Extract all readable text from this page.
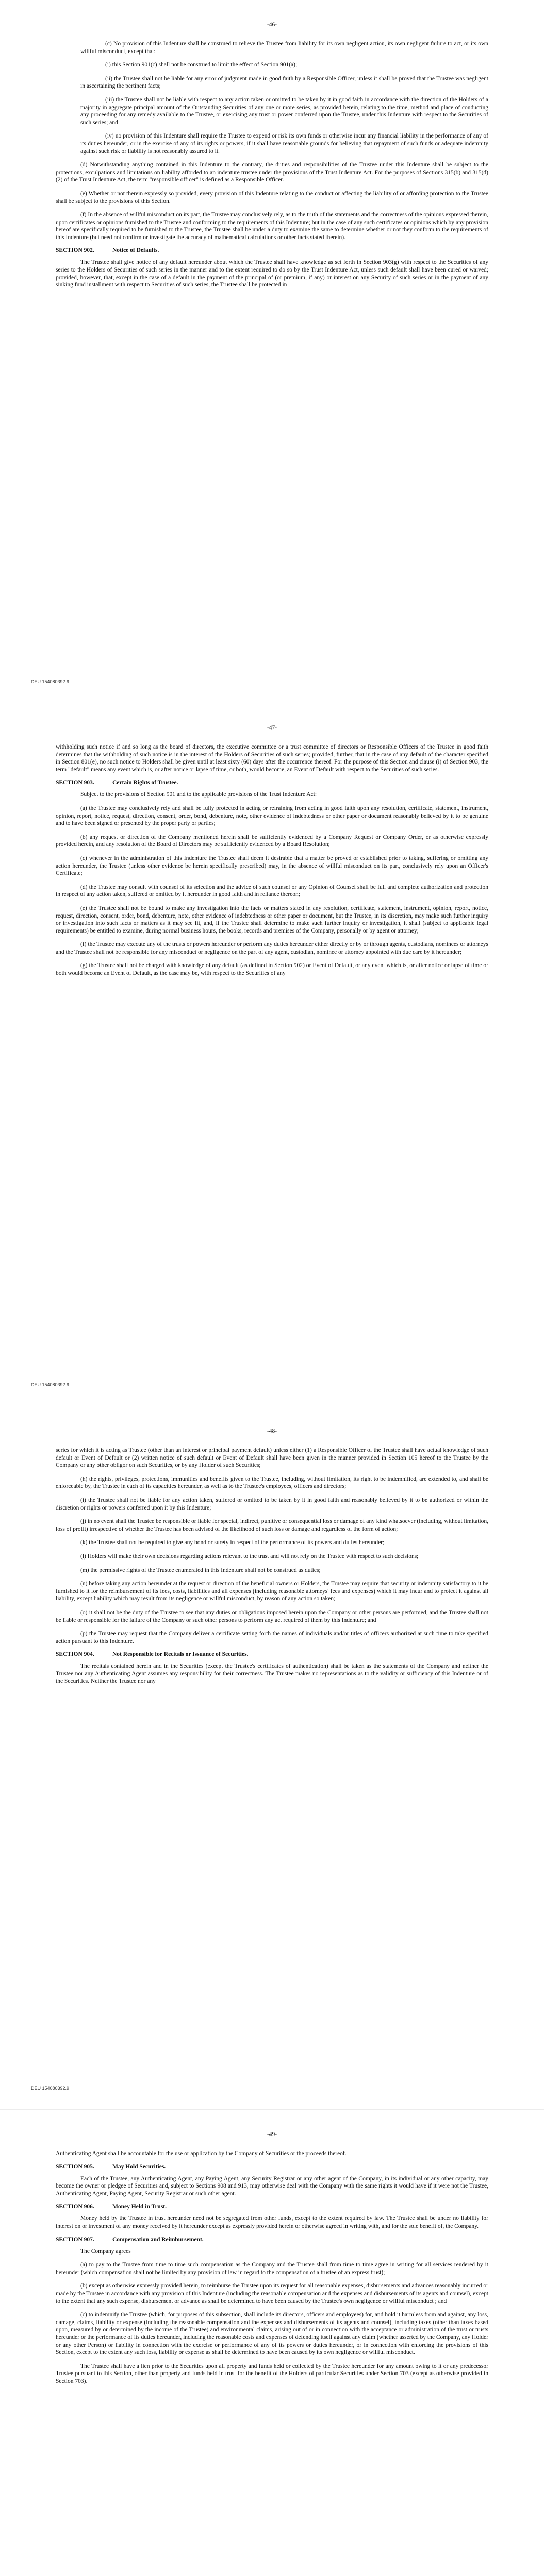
-46-

(c) No provision of this Indenture shall be construed to relieve the Trustee from liability for its own negligent action, its own negligent failure to act, or its own willful misconduct, except that:

(i) this Section 901(c) shall not be construed to limit the effect of Section 901(a);

(ii) the Trustee shall not be liable for any error of judgment made in good faith by a Responsible Officer, unless it shall be proved that the Trustee was negligent in ascertaining the pertinent facts;

(iii) the Trustee shall not be liable with respect to any action taken or omitted to be taken by it in good faith in accordance with the direction of the Holders of a majority in aggregate principal amount of the Outstanding Securities of any one or more series, as provided herein, relating to the time, method and place of conducting any proceeding for any remedy available to the Trustee, or exercising any trust or power conferred upon the Trustee, under this Indenture with respect to the Securities of such series; and

(iv) no provision of this Indenture shall require the Trustee to expend or risk its own funds or otherwise incur any financial liability in the performance of any of its duties hereunder, or in the exercise of any of its rights or powers, if it shall have reasonable grounds for believing that repayment of such funds or adequate indemnity against such risk or liability is not reasonably assured to it.

(d) Notwithstanding anything contained in this Indenture to the contrary, the duties and responsibilities of the Trustee under this Indenture shall be subject to the protections, exculpations and limitations on liability afforded to an indenture trustee under the provisions of the Trust Indenture Act. For the purposes of Sections 315(b) and 315(d)(2) of the Trust Indenture Act, the term "responsible officer" is defined as a Responsible Officer.

(e) Whether or not therein expressly so provided, every provision of this Indenture relating to the conduct or affecting the liability of or affording protection to the Trustee shall be subject to the provisions of this Section.

(f) In the absence of willful misconduct on its part, the Trustee may conclusively rely, as to the truth of the statements and the correctness of the opinions expressed therein, upon certificates or opinions furnished to the Trustee and conforming to the requirements of this Indenture; but in the case of any such certificates or opinions which by any provision hereof are specifically required to be furnished to the Trustee, the Trustee shall be under a duty to examine the same to determine whether or not they conform to the requirements of this Indenture (but need not confirm or investigate the accuracy of mathematical calculations or other facts stated therein).

SECTION 902.	Notice of Defaults.

The Trustee shall give notice of any default hereunder about which the Trustee shall have knowledge as set forth in Section 903(g) with respect to the Securities of any series to the Holders of Securities of such series in the manner and to the extent required to do so by the Trust Indenture Act, unless such default shall have been cured or waived; provided, however, that, except in the case of a default in the payment of the principal of (or premium, if any) or interest on any Security of such series or in the payment of any sinking fund installment with respect to Securities of such series, the Trustee shall be protected in

DEU 154080392.9
-47-

withholding such notice if and so long as the board of directors, the executive committee or a trust committee of directors or Responsible Officers of the Trustee in good faith determines that the withholding of such notice is in the interest of the Holders of Securities of such series; provided, further, that in the case of any default of the character specified in Section 801(e), no such notice to Holders shall be given until at least sixty (60) days after the occurrence thereof. For the purpose of this Section and clause (i) of Section 903, the term "default" means any event which is, or after notice or lapse of time, or both, would become, an Event of Default with respect to the Securities of such series.

SECTION 903.	Certain Rights of Trustee.

Subject to the provisions of Section 901 and to the applicable provisions of the Trust Indenture Act:

(a) the Trustee may conclusively rely and shall be fully protected in acting or refraining from acting in good faith upon any resolution, certificate, statement, instrument, opinion, report, notice, request, direction, consent, order, bond, debenture, note, other evidence of indebtedness or other paper or document reasonably believed by it to be genuine and to have been signed or presented by the proper party or parties;

(b) any request or direction of the Company mentioned herein shall be sufficiently evidenced by a Company Request or Company Order, or as otherwise expressly provided herein, and any resolution of the Board of Directors may be sufficiently evidenced by a Board Resolution;

(c) whenever in the administration of this Indenture the Trustee shall deem it desirable that a matter be proved or established prior to taking, suffering or omitting any action hereunder, the Trustee (unless other evidence be herein specifically prescribed) may, in the absence of willful misconduct on its part, conclusively rely upon an Officer's Certificate;

(d) the Trustee may consult with counsel of its selection and the advice of such counsel or any Opinion of Counsel shall be full and complete authorization and protection in respect of any action taken, suffered or omitted by it hereunder in good faith and in reliance thereon;

(e) the Trustee shall not be bound to make any investigation into the facts or matters stated in any resolution, certificate, statement, instrument, opinion, report, notice, request, direction, consent, order, bond, debenture, note, other evidence of indebtedness or other paper or document, but the Trustee, in its discretion, may make such further inquiry or investigation into such facts or matters as it may see fit, and, if the Trustee shall determine to make such further inquiry or investigation, it shall (subject to applicable legal requirements) be entitled to examine, during normal business hours, the books, records and premises of the Company, personally or by agent or attorney;

(f) the Trustee may execute any of the trusts or powers hereunder or perform any duties hereunder either directly or by or through agents, custodians, nominees or attorneys and the Trustee shall not be responsible for any misconduct or negligence on the part of any agent, custodian, nominee or attorney appointed with due care by it hereunder;

(g) the Trustee shall not be charged with knowledge of any default (as defined in Section 902) or Event of Default, or any event which is, or after notice or lapse of time or both would become an Event of Default, as the case may be, with respect to the Securities of any

DEU 154080392.9
-48-

series for which it is acting as Trustee (other than an interest or principal payment default) unless either (1) a Responsible Officer of the Trustee shall have actual knowledge of such default or Event of Default or (2) written notice of such default or Event of Default shall have been given in the manner provided in Section 105 hereof to the Trustee by the Company or any other obligor on such Securities, or by any Holder of such Securities;

(h) the rights, privileges, protections, immunities and benefits given to the Trustee, including, without limitation, its right to be indemnified, are extended to, and shall be enforceable by, the Trustee in each of its capacities hereunder, as well as to the Trustee's employees, officers and directors;

(i) the Trustee shall not be liable for any action taken, suffered or omitted to be taken by it in good faith and reasonably believed by it to be authorized or within the discretion or rights or powers conferred upon it by this Indenture;

(j) in no event shall the Trustee be responsible or liable for special, indirect, punitive or consequential loss or damage of any kind whatsoever (including, without limitation, loss of profit) irrespective of whether the Trustee has been advised of the likelihood of such loss or damage and regardless of the form of action;

(k) the Trustee shall not be required to give any bond or surety in respect of the performance of its powers and duties hereunder;

(l) Holders will make their own decisions regarding actions relevant to the trust and will not rely on the Trustee with respect to such decisions;

(m) the permissive rights of the Trustee enumerated in this Indenture shall not be construed as duties;

(n) before taking any action hereunder at the request or direction of the beneficial owners or Holders, the Trustee may require that security or indemnity satisfactory to it be furnished to it for the reimbursement of its fees, costs, liabilities and all expenses (including reasonable attorneys' fees and expenses) which it may incur and to protect it against all liability, except liability which may result from its negligence or willful misconduct, by reason of any action so taken;

(o) it shall not be the duty of the Trustee to see that any duties or obligations imposed herein upon the Company or other persons are performed, and the Trustee shall not be liable or responsible for the failure of the Company or such other persons to perform any act required of them by this Indenture; and

(p) the Trustee may request that the Company deliver a certificate setting forth the names of individuals and/or titles of officers authorized at such time to take specified action pursuant to this Indenture.

SECTION 904.	Not Responsible for Recitals or Issuance of Securities.

The recitals contained herein and in the Securities (except the Trustee's certificates of authentication) shall be taken as the statements of the Company and neither the Trustee nor any Authenticating Agent assumes any responsibility for their correctness. The Trustee makes no representations as to the validity or sufficiency of this Indenture or of the Securities. Neither the Trustee nor any

DEU 154080392.9
-49-

Authenticating Agent shall be accountable for the use or application by the Company of Securities or the proceeds thereof.

SECTION 905.	May Hold Securities.

Each of the Trustee, any Authenticating Agent, any Paying Agent, any Security Registrar or any other agent of the Company, in its individual or any other capacity, may become the owner or pledgee of Securities and, subject to Sections 908 and 913, may otherwise deal with the Company with the same rights it would have if it were not the Trustee, Authenticating Agent, Paying Agent, Security Registrar or such other agent.

SECTION 906.	Money Held in Trust.

Money held by the Trustee in trust hereunder need not be segregated from other funds, except to the extent required by law. The Trustee shall be under no liability for interest on or investment of any money received by it hereunder except as expressly provided herein or otherwise agreed in writing with, and for the sole benefit of, the Company.

SECTION 907.	Compensation and Reimbursement.

The Company agrees

(a) to pay to the Trustee from time to time such compensation as the Company and the Trustee shall from time to time agree in writing for all services rendered by it hereunder (which compensation shall not be limited by any provision of law in regard to the compensation of a trustee of an express trust);

(b) except as otherwise expressly provided herein, to reimburse the Trustee upon its request for all reasonable expenses, disbursements and advances reasonably incurred or made by the Trustee in accordance with any provision of this Indenture (including the reasonable compensation and the expenses and disbursements of its agents and counsel), except to the extent that any such expense, disbursement or advance as shall be determined to have been caused by the Trustee's own negligence or willful misconduct ; and

(c) to indemnify the Trustee (which, for purposes of this subsection, shall include its directors, officers and employees) for, and hold it harmless from and against, any loss, damage, claims, liability or expense (including the reasonable compensation and the expenses and disbursements of its agents and counsel), including taxes (other than taxes based upon, measured by or determined by the income of the Trustee) and environmental claims, arising out of or in connection with the acceptance or administration of the trust or trusts hereunder or the performance of its duties hereunder, including the reasonable costs and expenses of defending itself against any claim (whether asserted by the Company, any Holder or any other Person) or liability in connection with the exercise or performance of any of its powers or duties hereunder, or in connection with enforcing the provisions of this Section, except to the extent any such loss, liability or expense as shall be determined to have been caused by its own negligence or willful misconduct.

The Trustee shall have a lien prior to the Securities upon all property and funds held or collected by the Trustee hereunder for any amount owing to it or any predecessor Trustee pursuant to this Section, other than property and funds held in trust for the benefit of the Holders of particular Securities under Section 703 (except as otherwise provided in Section 703).
